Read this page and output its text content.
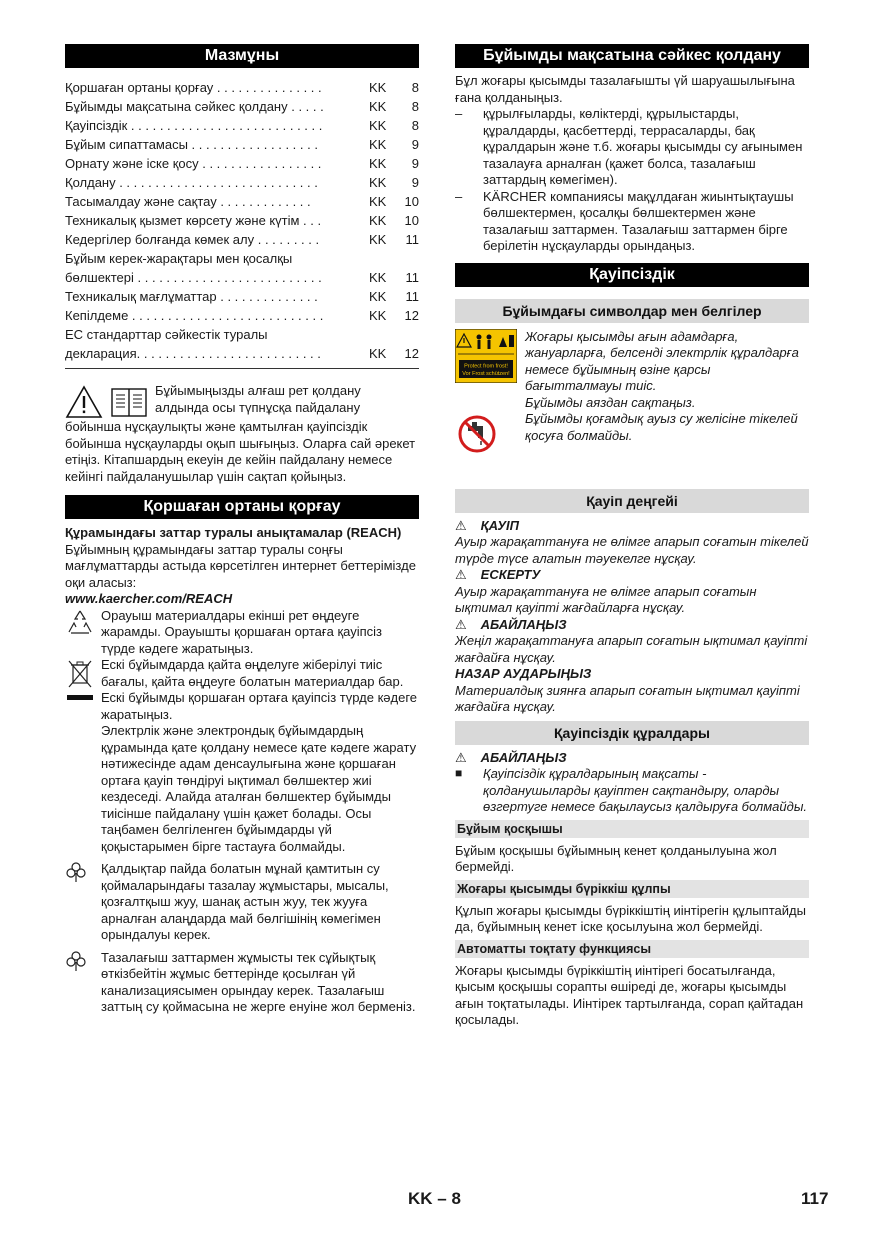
Мазмұны
Қоршаған ортаны қорғау . . . . . . . . . . . . . . .	KK	8
Бұйымды мақсатына сәйкес қолдану . . . . .	KK	8
Қауіпсіздік . . . . . . . . . . . . . . . . . . . . . . . . . . .	KK	8
Бұйым сипаттамасы . . . . . . . . . . . . . . . . . .	KK	9
Орнату және іске қосу . . . . . . . . . . . . . . . . .	KK	9
Қолдану . . . . . . . . . . . . . . . . . . . . . . . . . . . .	KK	9
Тасымалдау және сақтау . . . . . . . . . . . . .	KK	10
Техникалық қызмет көрсету және күтім . . .	KK	10
Кедергілер болғанда көмек алу . . . . . . . . .	KK	11
Бұйым керек-жарақтары мен қосалқы
бөлшектері . . . . . . . . . . . . . . . . . . . . . . . . . .	KK	11
Техникалық мағлұматтар . . . . . . . . . . . . . .	KK	11
Кепілдеме . . . . . . . . . . . . . . . . . . . . . . . . . . .	KK	12
ЕС стандарттар сәйкестік туралы
декларация. . . . . . . . . . . . . . . . . . . . . . . . . .	KK	12

Бұйымыңызды алғаш рет қолдану

алдында осы түпнұсқа пайдалану

бойынша нұсқаулықты және қамтылған қауіпсіздік бойынша нұсқауларды оқып шығыңыз. Оларға сай әрекет етіңіз. Кітапшардың екеуін де кейін пайдалану немесе кейінгі пайдаланушылар үшін сақтап қойыңыз.

Қоршаған ортаны қорғау

Құрамындағы заттар туралы анықтамалар (REACH)

Бұйымның құрамындағы заттар туралы соңғы мағлұматтарды астыда көрсетілген интернет беттерімізде оқи аласыз:

www.kaercher.com/REACH

Орауыш материалдары екінші рет өңдеуге жарамды. Орауышты қоршаған ортаға қауіпсіз түрде кәдеге жаратыңыз.

Ескі бұйымдарда қайта өңделуге жіберілуі тиіс бағалы, қайта өңдеуге болатын материалдар бар. Ескі бұйымды қоршаған ортаға қауіпсіз түрде кәдеге жаратыңыз.

Электрлік және электрондық бұйымдардың құрамында қате қолдану немесе қате кәдеге жарату нәтижесінде адам денсаулығына және қоршаған ортаға қауіп төндіруі ықтимал бөлшектер жиі кездеседі. Алайда аталған бөлшектер бұйымды тиісінше пайдалану үшін қажет болады. Осы таңбамен белгіленген бұйымдарды үй қоқыстарымен бірге тастауға болмайды.

Қалдықтар пайда болатын мұнай қамтитын су қоймаларындағы тазалау жұмыстары, мысалы, қозғалтқыш жуу, шанақ астын жуу, тек жууға арналған алаңдарда май бөлгішінің көмегімен орындалуы керек.

Тазалағыш заттармен жұмысты тек сұйықтық өткізбейтін жұмыс беттерінде қосылған үй канализациясымен орындау керек. Тазалағыш заттың су қоймасына не жерге енуіне жол берменіз.

Бұйымды мақсатына сәйкес қолдану

Бұл жоғары қысымды тазалағышты үй шаруашылығына ғана қолданыңыз.

–	құрылғыларды, көліктерді, құрылыстарды, құралдарды, қасбеттерді, террасаларды, бақ құралдарын және т.б. жоғары қысымды су ағынымен тазалауға арналған (қажет болса, тазалағыш заттардың көмегімен).
–	KÄRCHER компаниясы мақұлдаған жиынтықтаушы бөлшектермен, қосалқы бөлшектермен және тазалағыш заттармен. Тазалағыш заттармен бірге берілетін нұсқауларды орындаңыз.
Қауіпсіздік
Бұйымдағы символдар мен белгілер
Protect from frost!
Vor Frost schützen!

Жоғары қысымды ағын адамдарға, жануарларға, белсенді электрлік құралдарға немесе бұйымның өзіне қарсы бағытталмауы тиіс.

Бұйымды аяздан сақтаңыз.

Бұйымды қоғамдық ауыз су желісіне тікелей қосуға болмайды.

Қауіп деңгейі
⚠ ҚАУІП

Ауыр жарақаттануға не өлімге апарып соғатын тікелей түрде түсе алатын тәуекелге нұсқау.

⚠ ЕСКЕРТУ

Ауыр жарақаттануға не өлімге апарып соғатын ықтимал қауіпті жағдайларға нұсқау.

⚠ АБАЙЛАҢЫЗ

Жеңіл жарақаттануға апарып соғатын ықтимал қауіпті жағдайға нұсқау.

НАЗАР АУДАРЫҢЫЗ

Материалдық зиянға апарып соғатын ықтимал қауіпті жағдайға нұсқау.

Қауіпсіздік құралдары
⚠ АБАЙЛАҢЫЗ
■	Қауіпсіздік құралдарының мақсаты - қолданушыларды қауіптен сақтандыру, оларды өзгертуге немесе бақылаусыз қалдыруға болмайды.

Бұйым қосқышы

Бұйым қосқышы бұйымның кенет қолданылуына жол бермейді.

Жоғары қысымды бүріккіш құлпы

Құлып жоғары қысымды бүріккіштің иінтірегін құлыптайды да, бұйымның кенет іске қосылуына жол бермейді.

Автоматты тоқтату функциясы

Жоғары қысымды бүріккіштің иінтірегі босатылғанда, қысым қосқышы сорапты өшіреді де, жоғары қысымды ағын тоқтатылады. Иінтірек тартылғанда, сорап қайтадан қосылады.

KK – 8	117
